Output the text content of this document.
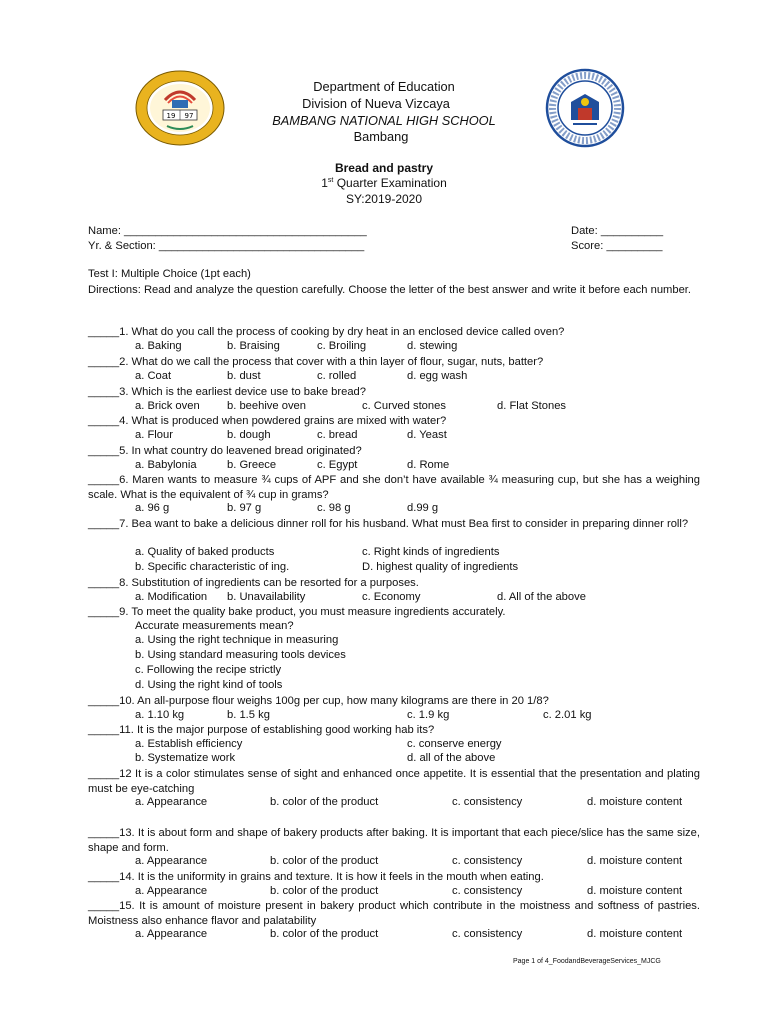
19 97
Department of Education
Division of Nueva Vizcaya
BAMBANG NATIONAL HIGH SCHOOL
Bambang
Bread and pastry
1st Quarter Examination
SY:2019-2020
Name: _______________________________________
Yr. & Section: _________________________________
Date: __________
Score: _________
Test I: Multiple Choice (1pt each)
Directions: Read and analyze the question carefully. Choose the letter of the best answer and write it before each number.
_____1. What do you call the process of cooking by dry heat in an enclosed device called oven?
a. Baking	b. Braising	c. Broiling	d. stewing
_____2. What do we call the process that cover with a thin layer of flour, sugar, nuts, batter?
a. Coat	b. dust	c. rolled	d. egg wash
_____3. Which is the earliest device use to bake bread?
a. Brick oven b. beehive oven	c. Curved stones	d. Flat Stones
_____4. What is produced when powdered grains are mixed with water?
a. Flour	b. dough	c. bread	d. Yeast
_____5. In what country do leavened bread originated?
a. Babylonia	b. Greece	c. Egypt	d. Rome
_____6. Maren wants to measure ¾ cups of APF and she don’t have available ¾ measuring cup, but she has a weighing scale. What is the equivalent of ¾ cup in grams?
a. 96 g	b. 97 g	c. 98 g	d.99 g
_____7. Bea want to bake a delicious dinner roll for his husband. What must Bea first to consider in preparing dinner roll?
a. Quality of baked products	c. Right kinds of ingredients
b. Specific characteristic of ing.	D. highest quality of ingredients
_____8. Substitution of ingredients can be resorted for a purposes.
a. Modification b. Unavailability	c. Economy	d. All of the above
_____9. To meet the quality bake product, you must measure ingredients accurately.
Accurate measurements mean?
a. Using the right technique in measuring
b. Using standard measuring tools devices
c. Following the recipe strictly
d. Using the right kind of tools
_____10. An all-purpose flour weighs 100g per cup, how many kilograms are there in 20 1/8?
a. 1.10 kg	b. 1.5 kg	c. 1.9 kg	c. 2.01 kg
_____11. It is the major purpose of establishing good working hab its?
a. Establish efficiency	c. conserve energy
b. Systematize work	d. all of the above
_____12 It is a color stimulates sense of sight and enhanced once appetite. It is essential that the presentation and plating must be eye-catching
a. Appearance	b. color of the product	c. consistency	d. moisture content
_____13. It is about form and shape of bakery products after baking. It is important that each piece/slice has the same size, shape and form.
a. Appearance	b. color of the product	c. consistency	d. moisture content
_____14. It is the uniformity in grains and texture. It is how it feels in the mouth when eating.
a. Appearance	b. color of the product	c. consistency	d. moisture content
_____15. It is amount of moisture present in bakery product which contribute in the moistness and softness of pastries. Moistness also enhance flavor and palatability
a. Appearance	b. color of the product	c. consistency	d. moisture content
Page 1 of 4_FoodandBeverageServices_MJCG
